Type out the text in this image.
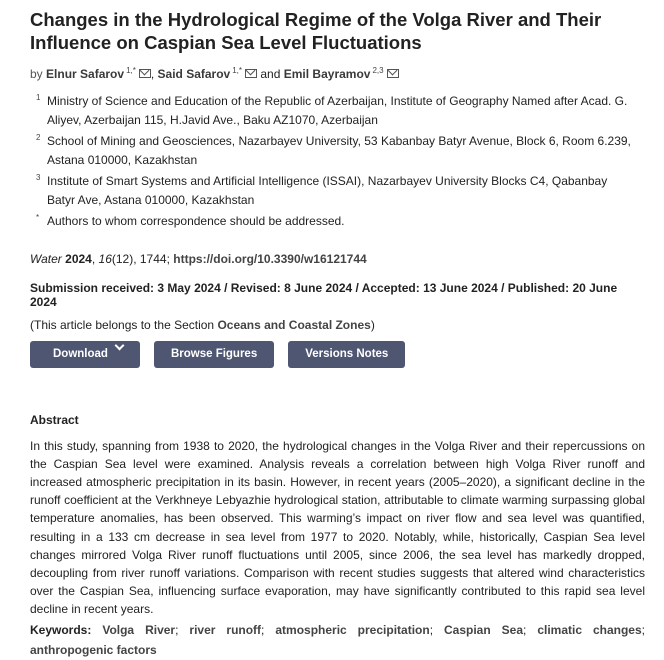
Changes in the Hydrological Regime of the Volga River and Their Influence on Caspian Sea Level Fluctuations
by Elnur Safarov $^{1,*}$ , Said Safarov $^{1,*}$ and Emil Bayramov $^{2,3}$
1 Ministry of Science and Education of the Republic of Azerbaijan, Institute of Geography Named after Acad. G. Aliyev, Azerbaijan 115, H.Javid Ave., Baku AZ1070, Azerbaijan
2 School of Mining and Geosciences, Nazarbayev University, 53 Kabanbay Batyr Avenue, Block 6, Room 6.239, Astana 010000, Kazakhstan
3 Institute of Smart Systems and Artificial Intelligence (ISSAI), Nazarbayev University Blocks C4, Qabanbay Batyr Ave, Astana 010000, Kazakhstan
* Authors to whom correspondence should be addressed.
Water 2024, 16(12), 1744; https://doi.org/10.3390/w16121744
Submission received: 3 May 2024 / Revised: 8 June 2024 / Accepted: 13 June 2024 / Published: 20 June 2024
(This article belongs to the Section Oceans and Coastal Zones)
Download	Browse Figures	Versions Notes
Abstract
In this study, spanning from 1938 to 2020, the hydrological changes in the Volga River and their repercussions on the Caspian Sea level were examined. Analysis reveals a correlation between high Volga River runoff and increased atmospheric precipitation in its basin. However, in recent years (2005–2020), a significant decline in the runoff coefficient at the Verkhneye Lebyazhie hydrological station, attributable to climate warming surpassing global temperature anomalies, has been observed. This warming’s impact on river flow and sea level was quantified, resulting in a 133 cm decrease in sea level from 1977 to 2020. Notably, while, historically, Caspian Sea level changes mirrored Volga River runoff fluctuations until 2005, since 2006, the sea level has markedly dropped, decoupling from river runoff variations. Comparison with recent studies suggests that altered wind characteristics over the Caspian Sea, influencing surface evaporation, may have significantly contributed to this rapid sea level decline in recent years.
Keywords: Volga River; river runoff; atmospheric precipitation; Caspian Sea; climatic changes; anthropogenic factors
